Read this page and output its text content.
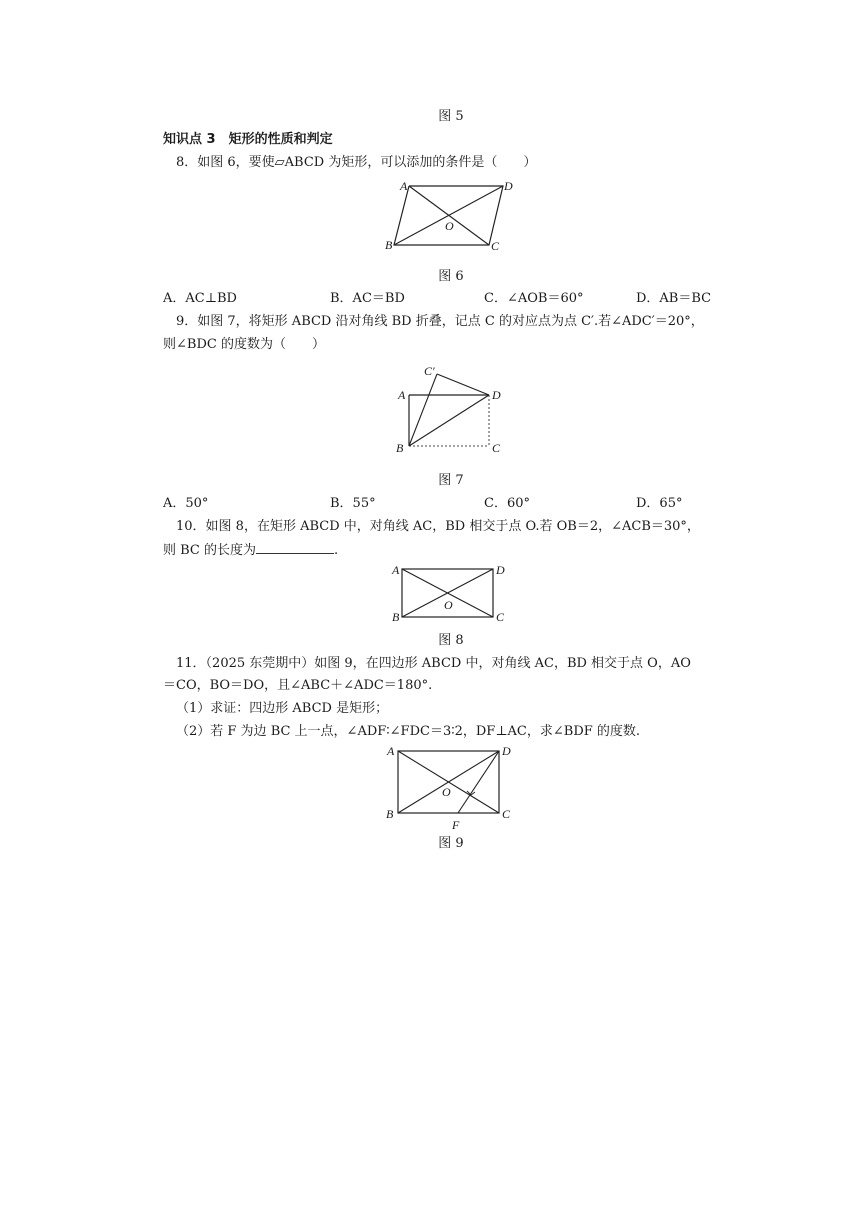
图 5
知识点 3　矩形的性质和判定
8．如图 6，要使▱ABCD 为矩形，可以添加的条件是（　　）
A	D
O
B	C
图 6
A．AC⊥BD	B．AC＝BD	C．∠AOB＝60°	D．AB＝BC
9．如图 7，将矩形 ABCD 沿对角线 BD 折叠，记点 C 的对应点为点 C′.若∠ADC′＝20°，
则∠BDC 的度数为（　　）
C′
A	D
B	C
图 7
A．50°	B．55°	C．60°	D．65°
10．如图 8，在矩形 ABCD 中，对角线 AC，BD 相交于点 O.若 OB＝2，∠ACB＝30°，
则 BC 的长度为	.
A	D
O
B	C
图 8
11．（2025 东莞期中）如图 9，在四边形 ABCD 中，对角线 AC，BD 相交于点 O，AO
＝CO，BO＝DO，且∠ABC＋∠ADC＝180°.
（1）求证：四边形 ABCD 是矩形；
（2）若 F 为边 BC 上一点，∠ADF∶∠FDC＝3∶2，DF⊥AC，求∠BDF 的度数.
A	D
O
B	C
F
图 9
